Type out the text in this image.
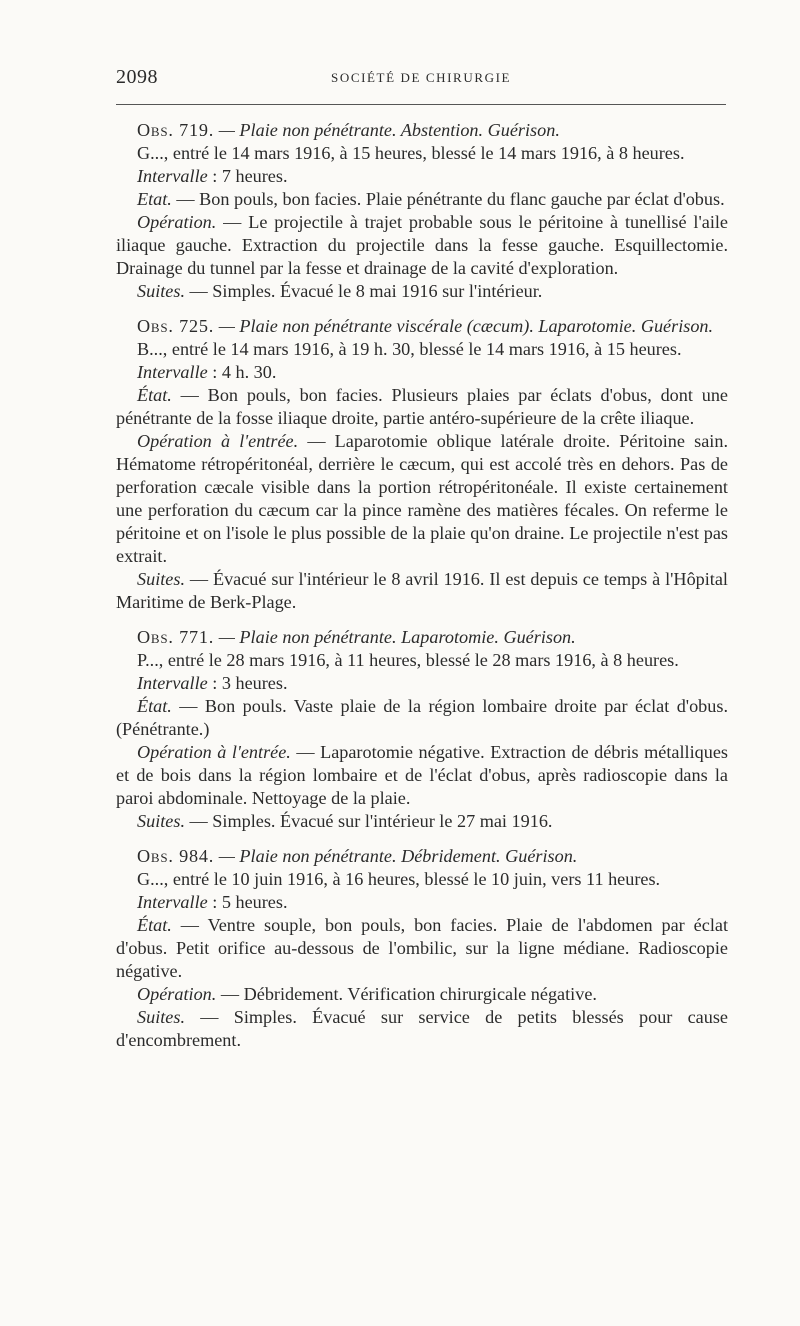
2098	SOCIÉTÉ DE CHIRURGIE

Obs. 719. — Plaie non pénétrante. Abstention. Guérison.

G..., entré le 14 mars 1916, à 15 heures, blessé le 14 mars 1916, à 8 heures.

Intervalle : 7 heures.

Etat. — Bon pouls, bon facies. Plaie pénétrante du flanc gauche par éclat d'obus.

Opération. — Le projectile à trajet probable sous le péritoine à tunellisé l'aile iliaque gauche. Extraction du projectile dans la fesse gauche. Esquillectomie. Drainage du tunnel par la fesse et drainage de la cavité d'exploration.

Suites. — Simples. Évacué le 8 mai 1916 sur l'intérieur.

Obs. 725. — Plaie non pénétrante viscérale (cæcum). Laparotomie. Guérison.

B..., entré le 14 mars 1916, à 19 h. 30, blessé le 14 mars 1916, à 15 heures.

Intervalle : 4 h. 30.

État. — Bon pouls, bon facies. Plusieurs plaies par éclats d'obus, dont une pénétrante de la fosse iliaque droite, partie antéro-supérieure de la crête iliaque.

Opération à l'entrée. — Laparotomie oblique latérale droite. Péritoine sain. Hématome rétropéritonéal, derrière le cæcum, qui est accolé très en dehors. Pas de perforation cæcale visible dans la portion rétropéritonéale. Il existe certainement une perforation du cæcum car la pince ramène des matières fécales. On referme le péritoine et on l'isole le plus possible de la plaie qu'on draine. Le projectile n'est pas extrait.

Suites. — Évacué sur l'intérieur le 8 avril 1916. Il est depuis ce temps à l'Hôpital Maritime de Berk-Plage.

Obs. 771. — Plaie non pénétrante. Laparotomie. Guérison.

P..., entré le 28 mars 1916, à 11 heures, blessé le 28 mars 1916, à 8 heures.

Intervalle : 3 heures.

État. — Bon pouls. Vaste plaie de la région lombaire droite par éclat d'obus. (Pénétrante.)

Opération à l'entrée. — Laparotomie négative. Extraction de débris métalliques et de bois dans la région lombaire et de l'éclat d'obus, après radioscopie dans la paroi abdominale. Nettoyage de la plaie.

Suites. — Simples. Évacué sur l'intérieur le 27 mai 1916.

Obs. 984. — Plaie non pénétrante. Débridement. Guérison.

G..., entré le 10 juin 1916, à 16 heures, blessé le 10 juin, vers 11 heures.

Intervalle : 5 heures.

État. — Ventre souple, bon pouls, bon facies. Plaie de l'abdomen par éclat d'obus. Petit orifice au-dessous de l'ombilic, sur la ligne médiane. Radioscopie négative.

Opération. — Débridement. Vérification chirurgicale négative.

Suites. — Simples. Évacué sur service de petits blessés pour cause d'encombrement.
